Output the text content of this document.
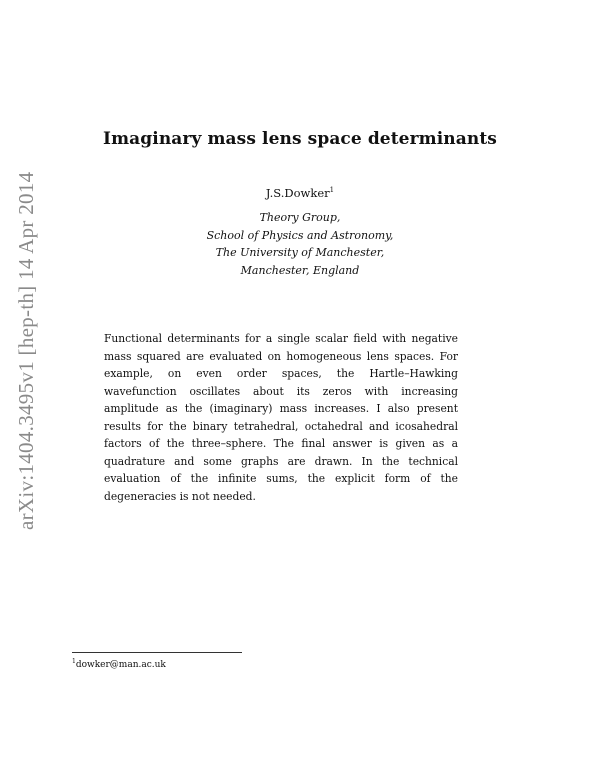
arXiv:1404.3495v1 [hep-th] 14 Apr 2014
Imaginary mass lens space determinants
J.S.Dowker$^1$
Theory Group,
School of Physics and Astronomy,
The University of Manchester,
Manchester, England

Functional determinants for a single scalar field with negative mass squared are evaluated on homogeneous lens spaces. For example, on even order spaces, the Hartle–Hawking wavefunction oscillates about its zeros with increasing amplitude as the (imaginary) mass increases. I also present results for the binary tetrahedral, octahedral and icosahedral factors of the three–sphere. The final answer is given as a quadrature and some graphs are drawn. In the technical evaluation of the infinite sums, the explicit form of the degeneracies is not needed.

$^1$dowker@man.ac.uk
